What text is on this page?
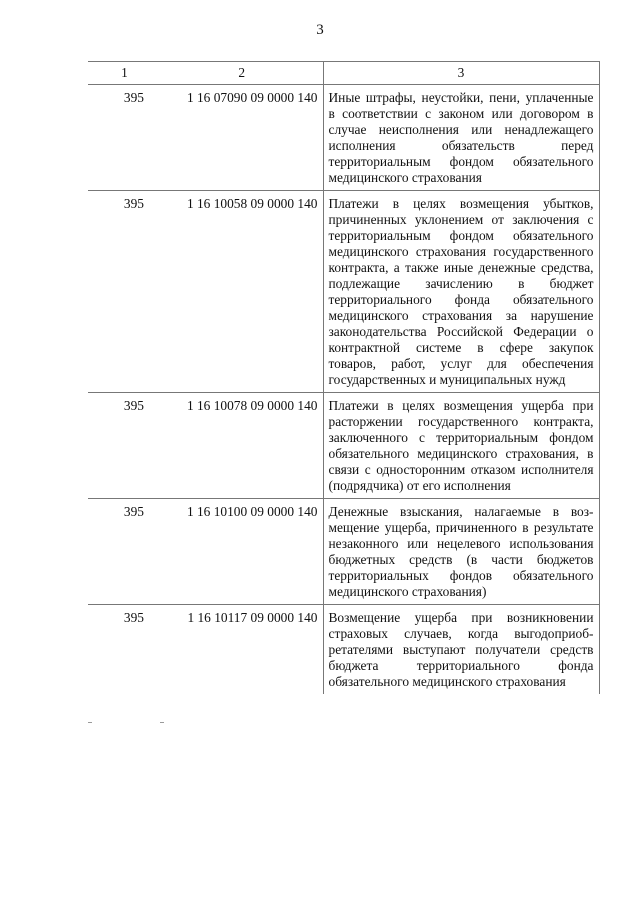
3
1	2	3
395	1 16 07090 09 0000 140	Иные штрафы, неустойки, пени, уплаченные в соответствии с законом или договором в случае неисполнения или ненадлежащего исполнения обязательств перед территориальным фондом обязательного медицинского страхования
395	1 16 10058 09 0000 140	Платежи в целях возмещения убытков, причиненных уклонением от заключения с территориальным фондом обязательного медицинского страхования государственного контракта, а также иные денежные средства, подлежащие зачислению в бюджет территориального фонда обязательного медицинского страхования за нарушение законодательства Российской Федерации о контрактной системе в сфере закупок товаров, работ, услуг для обеспечения государственных и муниципальных нужд
395	1 16 10078 09 0000 140	Платежи в целях возмещения ущерба при расторжении государственного контракта, заключенного с территориальным фондом обязательного медицинского страхования, в связи с односторонним отказом исполнителя (подрядчика) от его исполнения
395	1 16 10100 09 0000 140	Денежные взыскания, налагаемые в возмещение ущерба, причиненного в результате незаконного или нецелевого использования бюджетных средств (в части бюджетов территориальных фондов обязательного медицинского страхования)
395	1 16 10117 09 0000 140	Возмещение ущерба при возникновении страховых случаев, когда выгодоприобретателями выступают получатели средств бюджета территориального фонда обязательного медицинского страхования
